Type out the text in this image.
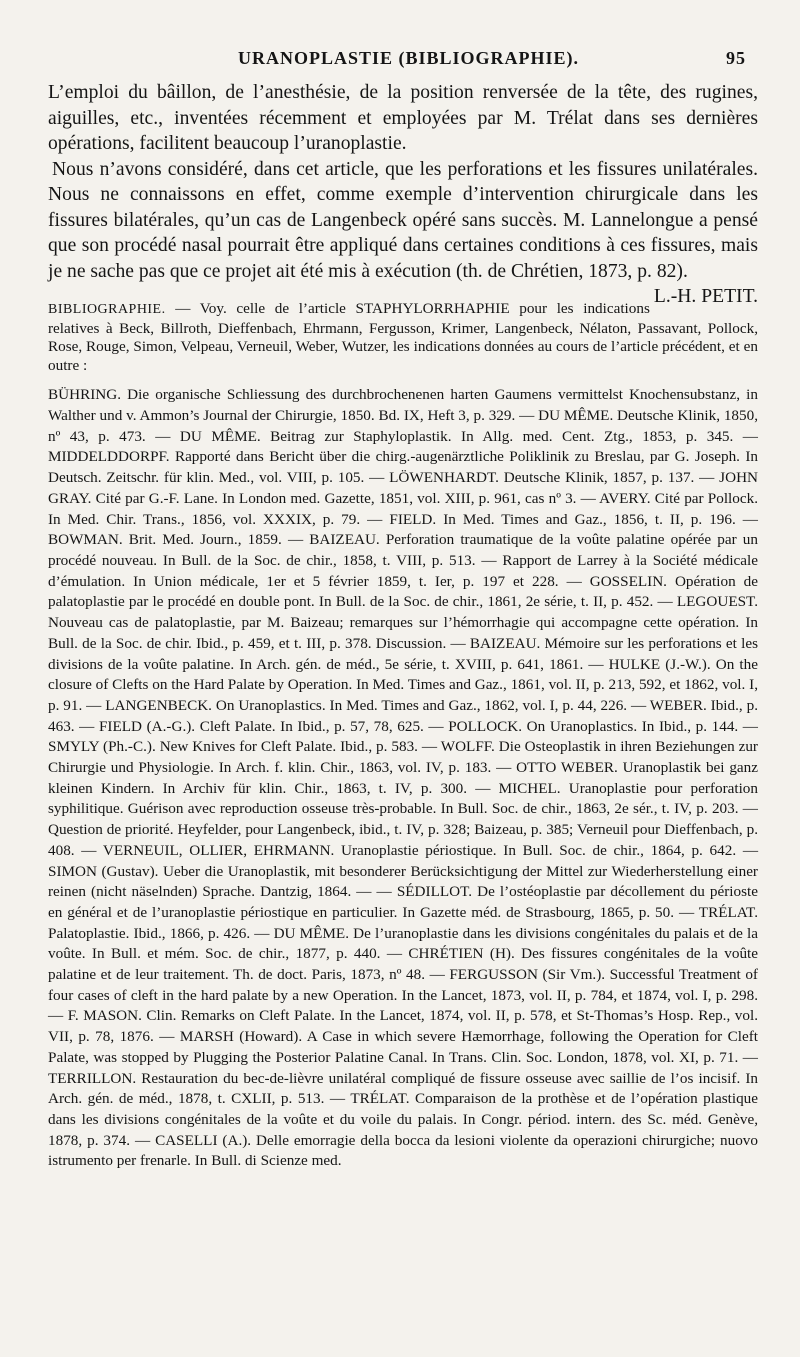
URANOPLASTIE (BIBLIOGRAPHIE).	95

L’emploi du bâillon, de l’anesthésie, de la position renversée de la tête, des rugines, aiguilles, etc., inventées récemment et employées par M. Trélat dans ses dernières opérations, facilitent beaucoup l’uranoplastie.

Nous n’avons considéré, dans cet article, que les perforations et les fissures unilatérales. Nous ne connaissons en effet, comme exemple d’intervention chirurgicale dans les fissures bilatérales, qu’un cas de Langenbeck opéré sans succès. M. Lannelongue a pensé que son procédé nasal pourrait être appliqué dans certaines conditions à ces fissures, mais je ne sache pas que ce projet ait été mis à exécution (th. de Chrétien, 1873, p. 82).
L.-H. PETIT.

BIBLIOGRAPHIE. — Voy. celle de l’article STAPHYLORRHAPHIE pour les indications relatives à Beck, Billroth, Dieffenbach, Ehrmann, Fergusson, Krimer, Langenbeck, Nélaton, Passavant, Pollock, Rose, Rouge, Simon, Velpeau, Verneuil, Weber, Wutzer, les indications données au cours de l’article précédent, et en outre :

BÜHRING. Die organische Schliessung des durchbrochenenen harten Gaumens vermittelst Knochensubstanz, in Walther und v. Ammon’s Journal der Chirurgie, 1850. Bd. IX, Heft 3, p. 329. — DU MÊME. Deutsche Klinik, 1850, nº 43, p. 473. — DU MÊME. Beitrag zur Staphyloplastik. In Allg. med. Cent. Ztg., 1853, p. 345. — MIDDELDDORPF. Rapporté dans Bericht über die chirg.-augenärztliche Poliklinik zu Breslau, par G. Joseph. In Deutsch. Zeitschr. für klin. Med., vol. VIII, p. 105. — LÖWENHARDT. Deutsche Klinik, 1857, p. 137. — JOHN GRAY. Cité par G.-F. Lane. In London med. Gazette, 1851, vol. XIII, p. 961, cas nº 3. — AVERY. Cité par Pollock. In Med. Chir. Trans., 1856, vol. XXXIX, p. 79. — FIELD. In Med. Times and Gaz., 1856, t. II, p. 196. — BOWMAN. Brit. Med. Journ., 1859. — BAIZEAU. Perforation traumatique de la voûte palatine opérée par un procédé nouveau. In Bull. de la Soc. de chir., 1858, t. VIII, p. 513. — Rapport de Larrey à la Société médicale d’émulation. In Union médicale, 1er et 5 février 1859, t. Ier, p. 197 et 228. — GOSSELIN. Opération de palatoplastie par le procédé en double pont. In Bull. de la Soc. de chir., 1861, 2e série, t. II, p. 452. — LEGOUEST. Nouveau cas de palatoplastie, par M. Baizeau; remarques sur l’hémorrhagie qui accompagne cette opération. In Bull. de la Soc. de chir. Ibid., p. 459, et t. III, p. 378. Discussion. — BAIZEAU. Mémoire sur les perforations et les divisions de la voûte palatine. In Arch. gén. de méd., 5e série, t. XVIII, p. 641, 1861. — HULKE (J.-W.). On the closure of Clefts on the Hard Palate by Operation. In Med. Times and Gaz., 1861, vol. II, p. 213, 592, et 1862, vol. I, p. 91. — LANGENBECK. On Uranoplastics. In Med. Times and Gaz., 1862, vol. I, p. 44, 226. — WEBER. Ibid., p. 463. — FIELD (A.-G.). Cleft Palate. In Ibid., p. 57, 78, 625. — POLLOCK. On Uranoplastics. In Ibid., p. 144. — SMYLY (Ph.-C.). New Knives for Cleft Palate. Ibid., p. 583. — WOLFF. Die Osteoplastik in ihren Beziehungen zur Chirurgie und Physiologie. In Arch. f. klin. Chir., 1863, vol. IV, p. 183. — OTTO WEBER. Uranoplastik bei ganz kleinen Kindern. In Archiv für klin. Chir., 1863, t. IV, p. 300. — MICHEL. Uranoplastie pour perforation syphilitique. Guérison avec reproduction osseuse très-probable. In Bull. Soc. de chir., 1863, 2e sér., t. IV, p. 203. — Question de priorité. Heyfelder, pour Langenbeck, ibid., t. IV, p. 328; Baizeau, p. 385; Verneuil pour Dieffenbach, p. 408. — VERNEUIL, OLLIER, EHRMANN. Uranoplastie périostique. In Bull. Soc. de chir., 1864, p. 642. — SIMON (Gustav). Ueber die Uranoplastik, mit besonderer Berücksichtigung der Mittel zur Wiederherstellung einer reinen (nicht näselnden) Sprache. Dantzig, 1864. — — SÉDILLOT. De l’ostéoplastie par décollement du périoste en général et de l’uranoplastie périostique en particulier. In Gazette méd. de Strasbourg, 1865, p. 50. — TRÉLAT. Palatoplastie. Ibid., 1866, p. 426. — DU MÊME. De l’uranoplastie dans les divisions congénitales du palais et de la voûte. In Bull. et mém. Soc. de chir., 1877, p. 440. — CHRÉTIEN (H). Des fissures congénitales de la voûte palatine et de leur traitement. Th. de doct. Paris, 1873, nº 48. — FERGUSSON (Sir Vm.). Successful Treatment of four cases of cleft in the hard palate by a new Operation. In the Lancet, 1873, vol. II, p. 784, et 1874, vol. I, p. 298. — F. MASON. Clin. Remarks on Cleft Palate. In the Lancet, 1874, vol. II, p. 578, et St-Thomas’s Hosp. Rep., vol. VII, p. 78, 1876. — MARSH (Howard). A Case in which severe Hæmorrhage, following the Operation for Cleft Palate, was stopped by Plugging the Posterior Palatine Canal. In Trans. Clin. Soc. London, 1878, vol. XI, p. 71. — TERRILLON. Restauration du bec-de-lièvre unilatéral compliqué de fissure osseuse avec saillie de l’os incisif. In Arch. gén. de méd., 1878, t. CXLII, p. 513. — TRÉLAT. Comparaison de la prothèse et de l’opération plastique dans les divisions congénitales de la voûte et du voile du palais. In Congr. périod. intern. des Sc. méd. Genève, 1878, p. 374. — CASELLI (A.). Delle emorragie della bocca da lesioni violente da operazioni chirurgiche; nuovo istrumento per frenarle. In Bull. di Scienze med.
